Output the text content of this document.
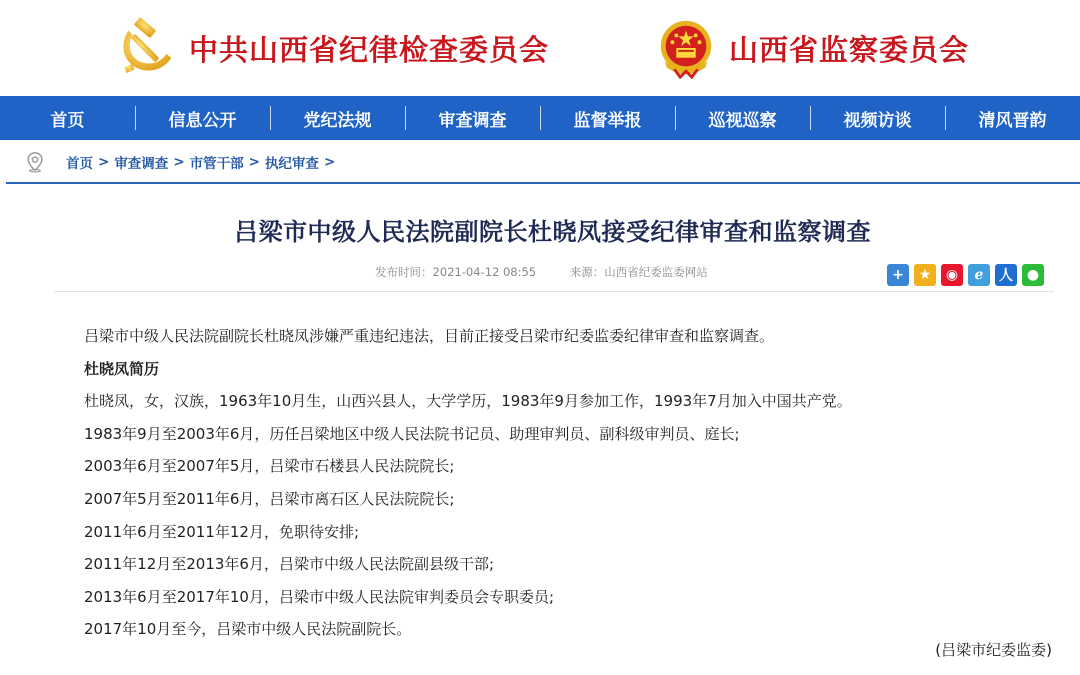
中共山西省纪律检查委员会	山西省监察委员会
首页	信息公开	党纪法规	审查调查	监督举报	巡视巡察	视频访谈	清风晋韵
首页 > 审查调查 > 市管干部 > 执纪审查 >
吕梁市中级人民法院副院长杜晓凤接受纪律审查和监察调查
发布时间：2021-04-12 08:55	来源：山西省纪委监委网站	+	★	◉	ℯ	人 ●

吕梁市中级人民法院副院长杜晓凤涉嫌严重违纪违法，目前正接受吕梁市纪委监委纪律审查和监察调查。

杜晓凤简历

杜晓凤，女，汉族，1963年10月生，山西兴县人，大学学历，1983年9月参加工作，1993年7月加入中国共产党。

1983年9月至2003年6月，历任吕梁地区中级人民法院书记员、助理审判员、副科级审判员、庭长;

2003年6月至2007年5月，吕梁市石楼县人民法院院长;

2007年5月至2011年6月，吕梁市离石区人民法院院长;

2011年6月至2011年12月，免职待安排;

2011年12月至2013年6月，吕梁市中级人民法院副县级干部;

2013年6月至2017年10月，吕梁市中级人民法院审判委员会专职委员;

2017年10月至今，吕梁市中级人民法院副院长。

(吕梁市纪委监委)
